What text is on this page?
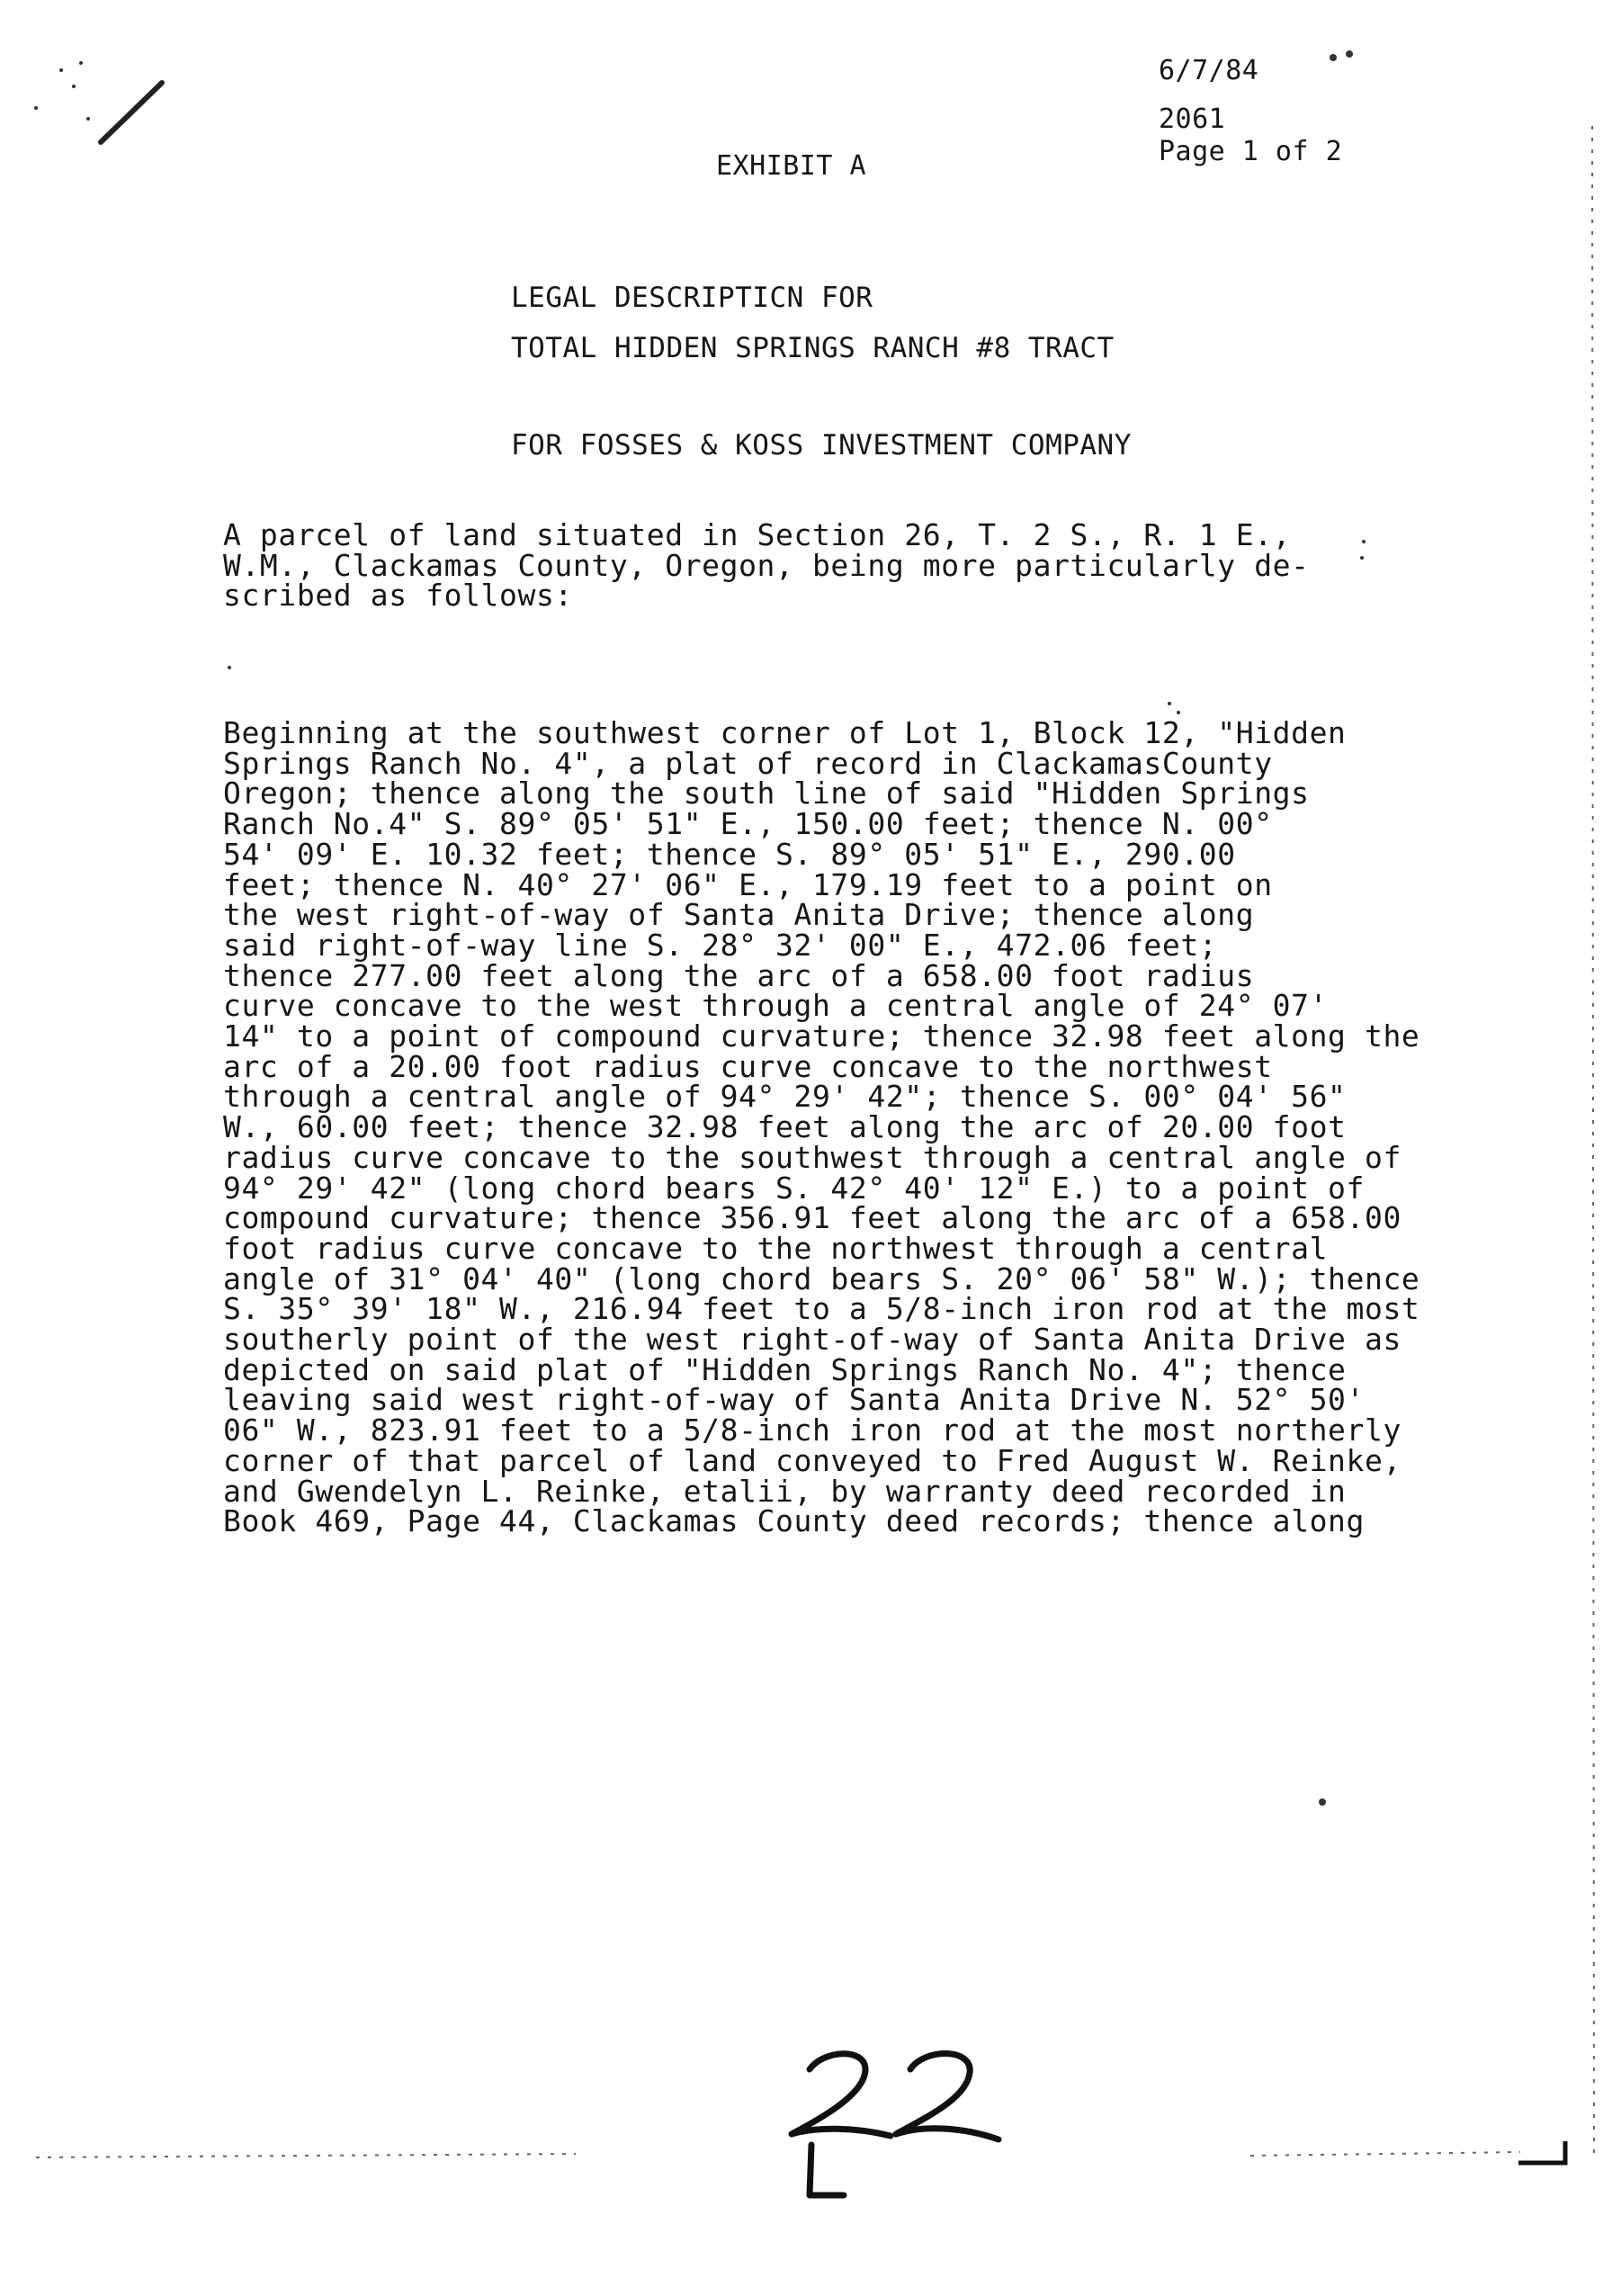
6/7/84
2061
Page 1 of 2
EXHIBIT A
LEGAL DESCRIPTICN FOR
TOTAL HIDDEN SPRINGS RANCH #8 TRACT
FOR FOSSES & KOSS INVESTMENT COMPANY
A parcel of land situated in Section 26, T. 2 S., R. 1 E.,
W.M., Clackamas County, Oregon, being more particularly de-
scribed as follows:
Beginning at the southwest corner of Lot 1, Block 12, "Hidden
Springs Ranch No. 4", a plat of record in ClackamasCounty
Oregon; thence along the south line of said "Hidden Springs
Ranch No.4" S. 89° 05' 51" E., 150.00 feet; thence N. 00°
54' 09' E. 10.32 feet; thence S. 89° 05' 51" E., 290.00
feet; thence N. 40° 27' 06" E., 179.19 feet to a point on
the west right-of-way of Santa Anita Drive; thence along
said right-of-way line S. 28° 32' 00" E., 472.06 feet;
thence 277.00 feet along the arc of a 658.00 foot radius
curve concave to the west through a central angle of 24° 07'
14" to a point of compound curvature; thence 32.98 feet along the
arc of a 20.00 foot radius curve concave to the northwest
through a central angle of 94° 29' 42"; thence S. 00° 04' 56"
W., 60.00 feet; thence 32.98 feet along the arc of 20.00 foot
radius curve concave to the southwest through a central angle of
94° 29' 42" (long chord bears S. 42° 40' 12" E.) to a point of
compound curvature; thence 356.91 feet along the arc of a 658.00
foot radius curve concave to the northwest through a central
angle of 31° 04' 40" (long chord bears S. 20° 06' 58" W.); thence
S. 35° 39' 18" W., 216.94 feet to a 5/8-inch iron rod at the most
southerly point of the west right-of-way of Santa Anita Drive as
depicted on said plat of "Hidden Springs Ranch No. 4"; thence
leaving said west right-of-way of Santa Anita Drive N. 52° 50'
06" W., 823.91 feet to a 5/8-inch iron rod at the most northerly
corner of that parcel of land conveyed to Fred August W. Reinke,
and Gwendelyn L. Reinke, etalii, by warranty deed recorded in
Book 469, Page 44, Clackamas County deed records; thence along
